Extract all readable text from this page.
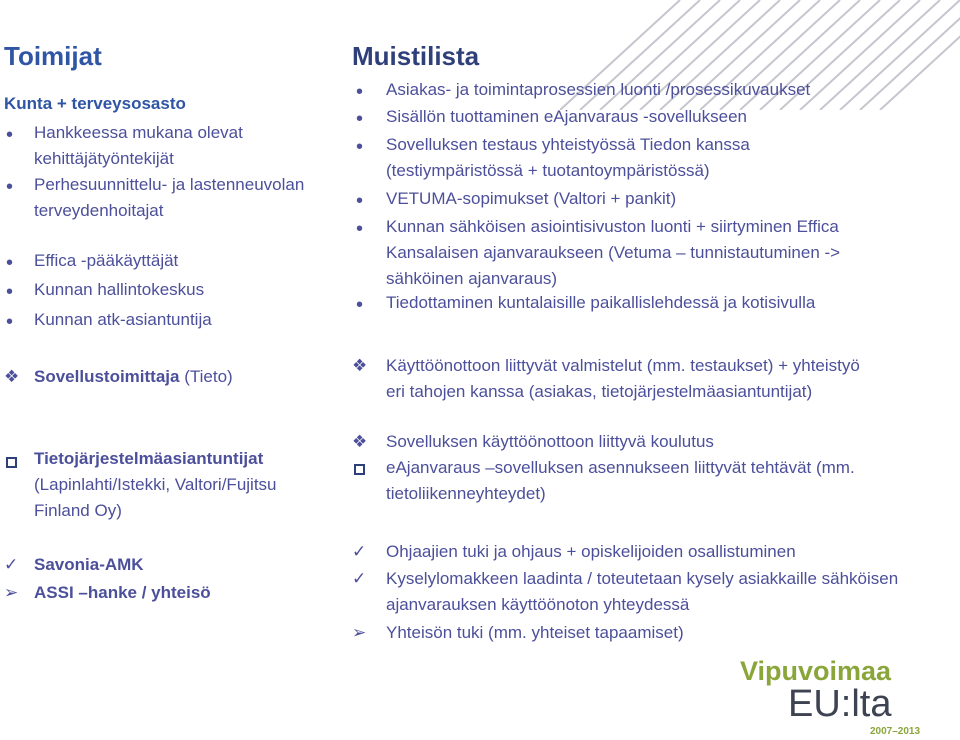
Toimijat
Kunta + terveysosasto
• Hankkeessa mukana olevat kehittäjätyöntekijät
• Perhesuunnittelu- ja lastenneuvolan terveydenhoitajat
• Effica -pääkäyttäjät
• Kunnan hallintokeskus
• Kunnan atk-asiantuntija
❖ Sovellustoimittaja (Tieto)
Tietojärjestelmäasiantuntijat
(Lapinlahti/Istekki, Valtori/Fujitsu Finland Oy)
✓ Savonia-AMK
➢ ASSI –hanke / yhteisö
Muistilista
• Asiakas- ja toimintaprosessien luonti /prosessikuvaukset
• Sisällön tuottaminen eAjanvaraus -sovellukseen
• Sovelluksen testaus yhteistyössä Tiedon kanssa (testiympäristössä + tuotantoympäristössä)
• VETUMA-sopimukset (Valtori + pankit)
• Kunnan sähköisen asiointisivuston luonti + siirtyminen Effica Kansalaisen ajanvaraukseen (Vetuma – tunnistautuminen -> sähköinen ajanvaraus)
• Tiedottaminen kuntalaisille paikallislehdessä ja kotisivulla
❖ Käyttöönottoon liittyvät valmistelut (mm. testaukset) + yhteistyö eri tahojen kanssa (asiakas, tietojärjestelmäasiantuntijat)
❖ Sovelluksen käyttöönottoon liittyvä koulutus
eAjanvaraus –sovelluksen asennukseen liittyvät tehtävät (mm. tietoliikenneyhteydet)
✓ Ohjaajien tuki ja ohjaus + opiskelijoiden osallistuminen
✓ Kyselylomakkeen laadinta / toteutetaan kysely asiakkaille sähköisen ajanvarauksen käyttöönoton yhteydessä
➢ Yhteisön tuki (mm. yhteiset tapaamiset)
Vipuvoimaa
EU:lta
2007–2013
